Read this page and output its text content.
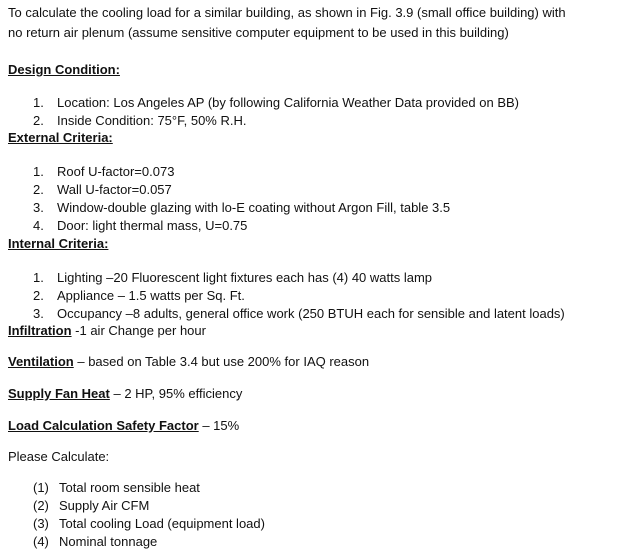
To calculate the cooling load for a similar building, as shown in Fig. 3.9 (small office building) with
no return air plenum (assume sensitive computer equipment to be used in this building)
Design Condition:
1. Location: Los Angeles AP (by following California Weather Data provided on BB)
2. Inside Condition: 75°F, 50% R.H.
External Criteria:
1. Roof U-factor=0.073
2. Wall U-factor=0.057
3. Window-double glazing with lo-E coating without Argon Fill, table 3.5
4. Door: light thermal mass, U=0.75
Internal Criteria:
1. Lighting –20 Fluorescent light fixtures each has (4) 40 watts lamp
2. Appliance – 1.5 watts per Sq. Ft.
3. Occupancy –8 adults, general office work (250 BTUH each for sensible and latent loads)
Infiltration -1 air Change per hour
Ventilation – based on Table 3.4 but use 200% for IAQ reason
Supply Fan Heat – 2 HP, 95% efficiency
Load Calculation Safety Factor – 15%
Please Calculate:
(1) Total room sensible heat
(2) Supply Air CFM
(3) Total cooling Load (equipment load)
(4) Nominal tonnage
